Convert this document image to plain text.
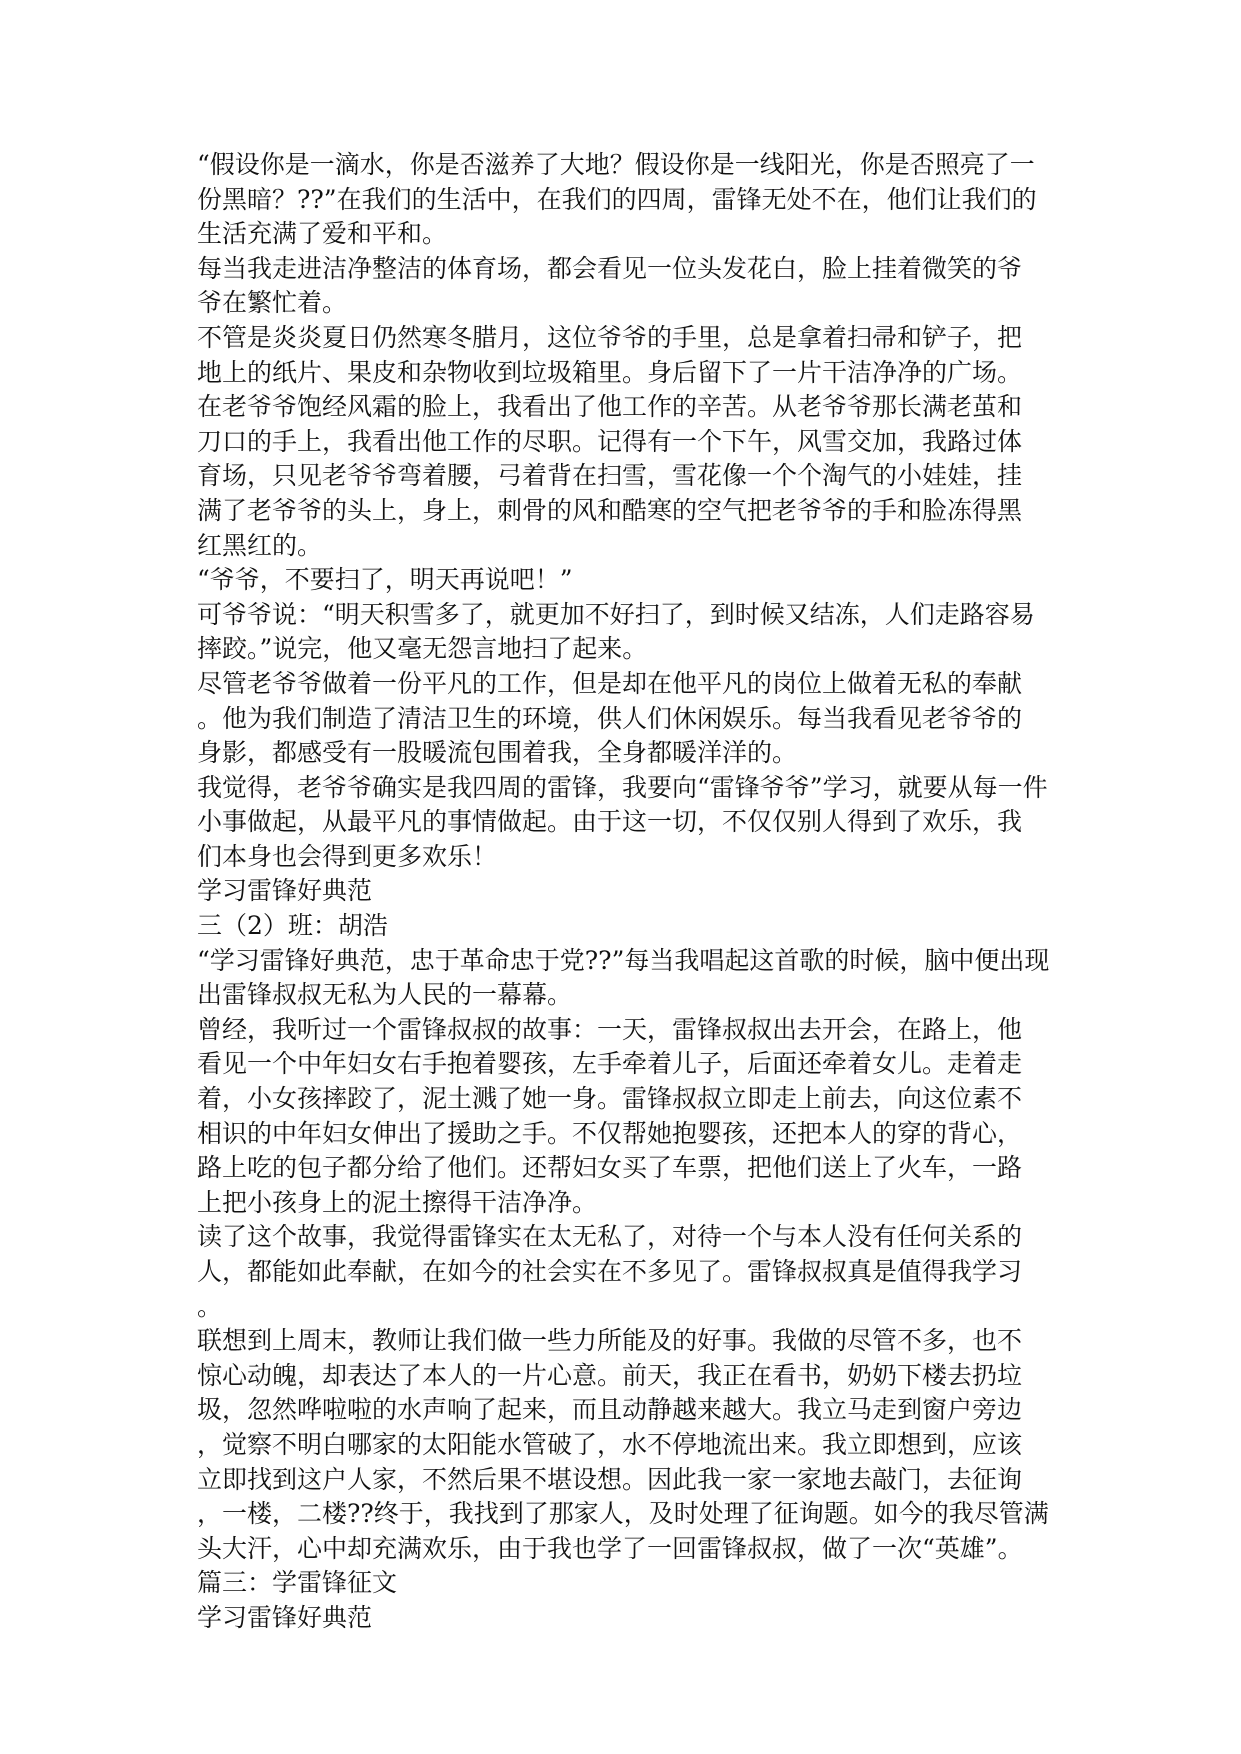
“假设你是一滴水，你是否滋养了大地？假设你是一线阳光，你是否照亮了一
份黑暗？??”在我们的生活中，在我们的四周，雷锋无处不在，他们让我们的
生活充满了爱和平和。
每当我走进洁净整洁的体育场，都会看见一位头发花白，脸上挂着微笑的爷
爷在繁忙着。
不管是炎炎夏日仍然寒冬腊月，这位爷爷的手里，总是拿着扫帚和铲子，把
地上的纸片、果皮和杂物收到垃圾箱里。身后留下了一片干洁净净的广场。
在老爷爷饱经风霜的脸上，我看出了他工作的辛苦。从老爷爷那长满老茧和
刀口的手上，我看出他工作的尽职。记得有一个下午，风雪交加，我路过体
育场，只见老爷爷弯着腰，弓着背在扫雪，雪花像一个个淘气的小娃娃，挂
满了老爷爷的头上，身上，刺骨的风和酷寒的空气把老爷爷的手和脸冻得黑
红黑红的。
“爷爷，不要扫了，明天再说吧！”
可爷爷说：“明天积雪多了，就更加不好扫了，到时候又结冻，人们走路容易
摔跤。”说完，他又毫无怨言地扫了起来。
尽管老爷爷做着一份平凡的工作，但是却在他平凡的岗位上做着无私的奉献
。他为我们制造了清洁卫生的环境，供人们休闲娱乐。每当我看见老爷爷的
身影，都感受有一股暖流包围着我，全身都暖洋洋的。
我觉得，老爷爷确实是我四周的雷锋，我要向“雷锋爷爷”学习，就要从每一件
小事做起，从最平凡的事情做起。由于这一切，不仅仅别人得到了欢乐，我
们本身也会得到更多欢乐！
学习雷锋好典范
三（2）班：胡浩
“学习雷锋好典范，忠于革命忠于党??”每当我唱起这首歌的时候，脑中便出现
出雷锋叔叔无私为人民的一幕幕。
曾经，我听过一个雷锋叔叔的故事：一天，雷锋叔叔出去开会，在路上，他
看见一个中年妇女右手抱着婴孩，左手牵着儿子，后面还牵着女儿。走着走
着，小女孩摔跤了，泥土溅了她一身。雷锋叔叔立即走上前去，向这位素不
相识的中年妇女伸出了援助之手。不仅帮她抱婴孩，还把本人的穿的背心，
路上吃的包子都分给了他们。还帮妇女买了车票，把他们送上了火车，一路
上把小孩身上的泥土擦得干洁净净。
读了这个故事，我觉得雷锋实在太无私了，对待一个与本人没有任何关系的
人，都能如此奉献，在如今的社会实在不多见了。雷锋叔叔真是值得我学习
。
联想到上周末，教师让我们做一些力所能及的好事。我做的尽管不多，也不
惊心动魄，却表达了本人的一片心意。前天，我正在看书，奶奶下楼去扔垃
圾，忽然哗啦啦的水声响了起来，而且动静越来越大。我立马走到窗户旁边
，觉察不明白哪家的太阳能水管破了，水不停地流出来。我立即想到，应该
立即找到这户人家，不然后果不堪设想。因此我一家一家地去敲门，去征询
，一楼，二楼??终于，我找到了那家人，及时处理了征询题。如今的我尽管满
头大汗，心中却充满欢乐，由于我也学了一回雷锋叔叔，做了一次“英雄”。
篇三：学雷锋征文
学习雷锋好典范
